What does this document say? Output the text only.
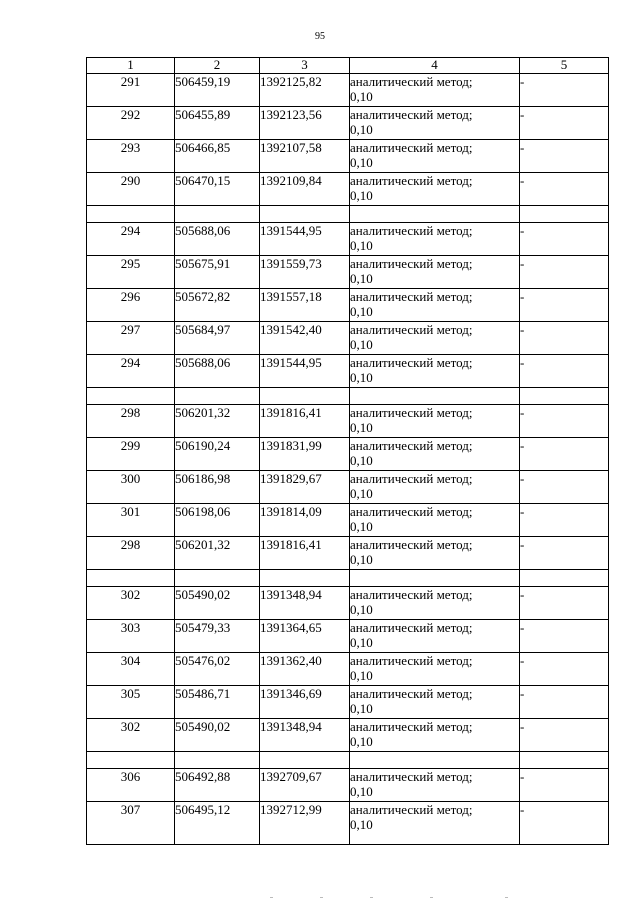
95
1	2	3	4	5
291	506459,19	1392125,82	аналитический метод;
0,10	-
292	506455,89	1392123,56	аналитический метод;
0,10	-
293	506466,85	1392107,58	аналитический метод;
0,10	-
290	506470,15	1392109,84	аналитический метод;
0,10	-

294	505688,06	1391544,95	аналитический метод;
0,10	-
295	505675,91	1391559,73	аналитический метод;
0,10	-
296	505672,82	1391557,18	аналитический метод;
0,10	-
297	505684,97	1391542,40	аналитический метод;
0,10	-
294	505688,06	1391544,95	аналитический метод;
0,10	-

298	506201,32	1391816,41	аналитический метод;
0,10	-
299	506190,24	1391831,99	аналитический метод;
0,10	-
300	506186,98	1391829,67	аналитический метод;
0,10	-
301	506198,06	1391814,09	аналитический метод;
0,10	-
298	506201,32	1391816,41	аналитический метод;
0,10	-

302	505490,02	1391348,94	аналитический метод;
0,10	-
303	505479,33	1391364,65	аналитический метод;
0,10	-
304	505476,02	1391362,40	аналитический метод;
0,10	-
305	505486,71	1391346,69	аналитический метод;
0,10	-
302	505490,02	1391348,94	аналитический метод;
0,10	-

306	506492,88	1392709,67	аналитический метод;
0,10	-
307	506495,12	1392712,99	аналитический метод;
0,10	-
